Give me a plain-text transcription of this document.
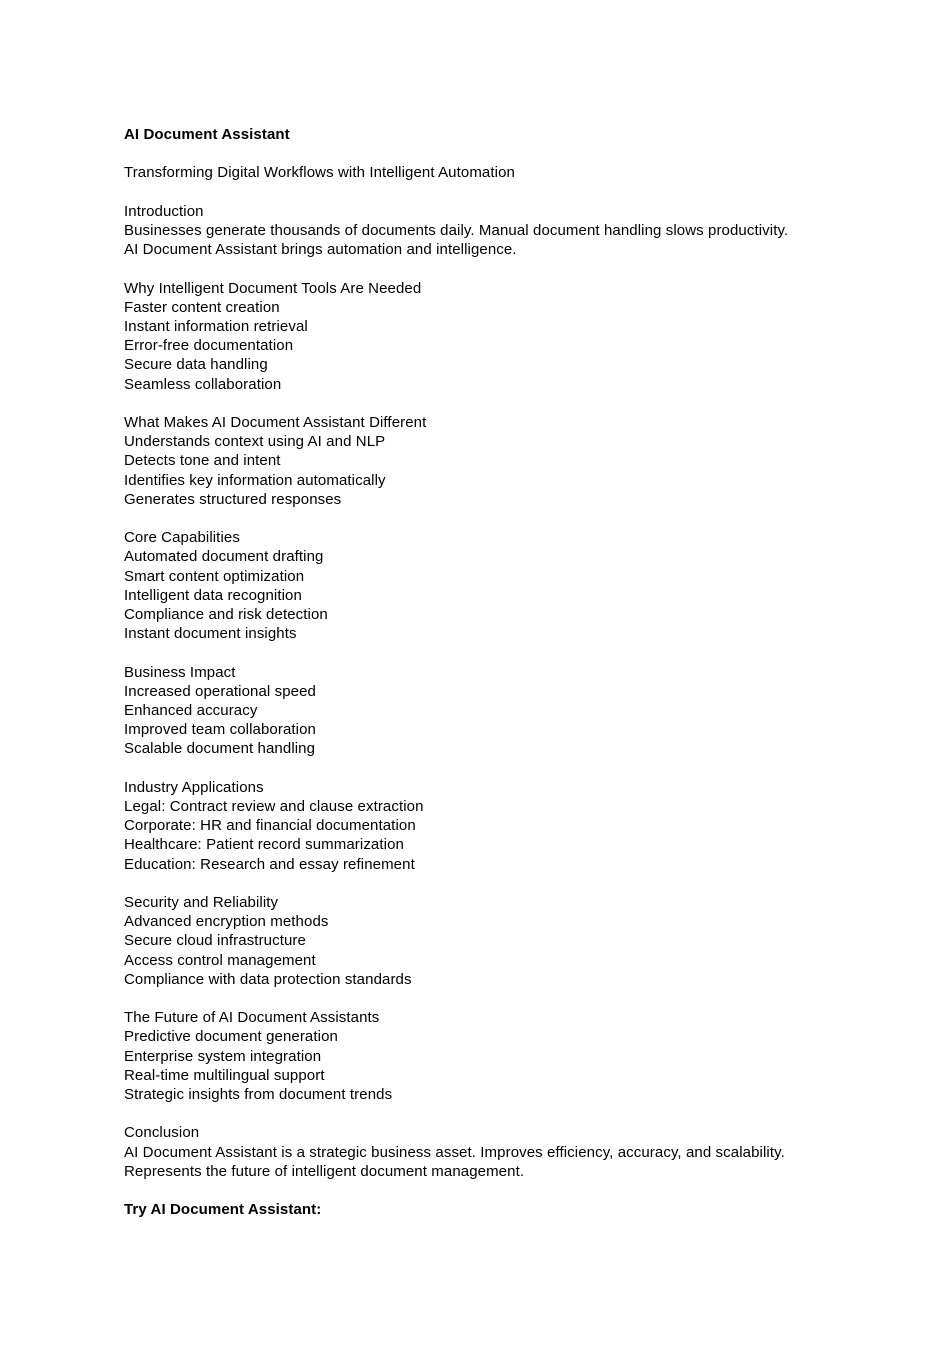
AI Document Assistant
Transforming Digital Workflows with Intelligent Automation
Introduction
Businesses generate thousands of documents daily. Manual document handling slows productivity.
AI Document Assistant brings automation and intelligence.
Why Intelligent Document Tools Are Needed
Faster content creation
Instant information retrieval
Error-free documentation
Secure data handling
Seamless collaboration
What Makes AI Document Assistant Different
Understands context using AI and NLP
Detects tone and intent
Identifies key information automatically
Generates structured responses
Core Capabilities
Automated document drafting
Smart content optimization
Intelligent data recognition
Compliance and risk detection
Instant document insights
Business Impact
Increased operational speed
Enhanced accuracy
Improved team collaboration
Scalable document handling
Industry Applications
Legal: Contract review and clause extraction
Corporate: HR and financial documentation
Healthcare: Patient record summarization
Education: Research and essay refinement
Security and Reliability
Advanced encryption methods
Secure cloud infrastructure
Access control management
Compliance with data protection standards
The Future of AI Document Assistants
Predictive document generation
Enterprise system integration
Real-time multilingual support
Strategic insights from document trends
Conclusion
AI Document Assistant is a strategic business asset. Improves efficiency, accuracy, and scalability.
Represents the future of intelligent document management.
Try AI Document Assistant:
